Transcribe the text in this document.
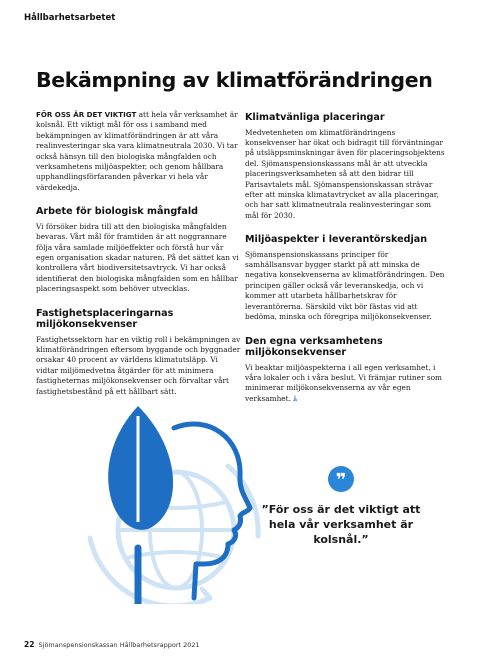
Hållbarhetsarbetet
Bekämpning av klimatförändringen

FÖR OSS ÄR DET VIKTIGT att hela vår verksamhet är kolsnål. Ett viktigt mål för oss i samband med bekämpningen av klimatförändringen är att våra realinvesteringar ska vara klimatneutrala 2030. Vi tar också hänsyn till den biologiska mångfalden och verksamhetens miljöaspekter, och genom hållbara upphandlingsförfaranden påverkar vi hela vår värdekedja.

Arbete för biologisk mångfald

Vi försöker bidra till att den biologiska mångfalden bevaras. Vårt mål för framtiden är att noggrannare följa våra samlade miljöeffekter och förstå hur vår egen organisation skadar naturen. På det sättet kan vi kontrollera vårt biodiversitetsavtryck. Vi har också identifierat den biologiska mångfalden som en hållbar placeringsaspekt som behöver utvecklas.

Fastighetsplaceringarnas miljökonsekvenser

Fastighetssektorn har en viktig roll i bekämpningen av klimatförändringen eftersom byggande och byggnader orsakar 40 procent av världens klimatutsläpp. Vi vidtar miljömedvetna åtgärder för att minimera fastigheternas miljökonsekvenser och förvaltar vårt fastighetsbestånd på ett hållbart sätt.

Klimatvänliga placeringar

Medvetenheten om klimatförändringens konsekvenser har ökat och bidragit till förväntningar på utsläppsminskningar även för placeringsobjektens del. Sjömanspensionskassans mål är att utveckla placeringsverksamheten så att den bidrar till Parisavtalets mål. Sjömanspensionskassan strävar efter att minska klimatavtrycket av alla placeringar, och har satt klimatneutrala realinvesteringar som mål för 2030.

Miljöaspekter i leverantörskedjan

Sjömanspensionskassans principer för samhällsansvar bygger starkt på att minska de negativa konsekvenserna av klimatförändringen. Den principen gäller också vår leveranskedja, och vi kommer att utarbeta hållbarhetskrav för leverantörerna. Särskild vikt bör fästas vid att bedöma, minska och föregripa miljökonsekvenser.

Den egna verksamhetens miljökonsekvenser

Vi beaktar miljöaspekterna i all egen verksamhet, i våra lokaler och i våra beslut. Vi främjar rutiner som minimerar miljökonsekvenserna av vår egen verksamhet. ﾑ

❞

”För oss är det viktigt att hela vår verksamhet är kolsnål.”

22 Sjömanspensionskassan Hållbarhetsrapport 2021
